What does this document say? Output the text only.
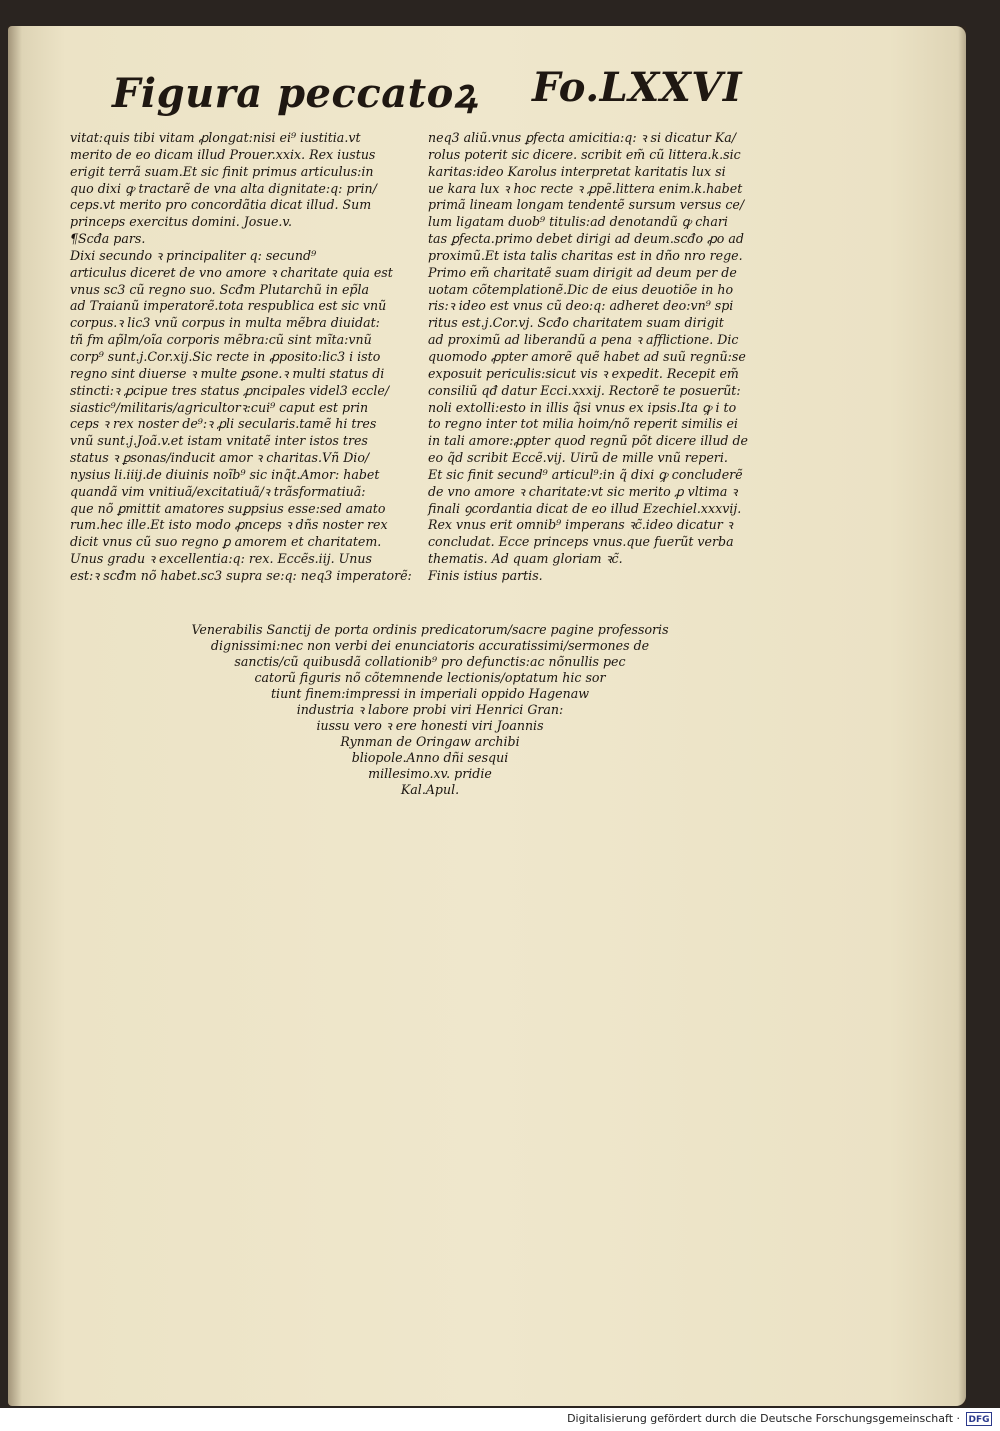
Figura peccatoꝝ Fo.LXXVI
vitat:quis tibi vitam ꝓlongat:nisi ei⁹ iustitia.vt
merito de eo dicam illud Prouer.xxix. Rex iustus
erigit terrã suam.Et sic finit primus articulus:in
quo dixi ꝙ tractarẽ de vna alta dignitate:q: prin/
ceps.vt merito pro concordãtia dicat illud. Sum
princeps exercitus domini. Josue.v.
¶Scđa pars.
Dixi secundo ꝛ principaliter q: secund⁹
articulus diceret de vno amore ꝛ charitate quia est
vnus sc3 cũ regno suo. Scđm Plutarchũ in ep̃la
ad Traianũ imperatorẽ.tota respublica est sic vnũ
corpus.ꝛ lic3 vnũ corpus in multa mẽbra diuidat:
tñ fm ap̃lm/oĩa corporis mẽbra:cũ sint mĩta:vnũ
corp⁹ sunt.j.Cor.xij.Sic recte in ꝓposito:lic3 i isto
regno sint diuerse ꝛ multe ꝑsone.ꝛ multi status di
stincti:ꝛ ꝓcipue tres status ꝓncipales videl3 eccle/
siastic⁹/militaris/agricultorꝛ:cui⁹ caput est prin
ceps ꝛ rex noster de⁹:ꝛ ꝓli secularis.tamẽ hi tres
vnũ sunt.j.Joã.v.et istam vnitatẽ inter istos tres
status ꝛ ꝑsonas/inducit amor ꝛ charitas.Vñ Dio/
nysius li.iiij.de diuinis noĩb⁹ sic inq̃t.Amor: habet
quandã vim vnitiuã/excitatiuã/ꝛ trãsformatiuã:
que nõ ꝑmittit amatores suꝑpsius esse:sed amato
rum.hec ille.Et isto modo ꝓnceps ꝛ dñs noster rex
dicit vnus cũ suo regno ꝑ amorem et charitatem.
Unus gradu ꝛ excellentia:q: rex. Eccẽs.iij. Unus
est:ꝛ scđm nõ habet.sc3 supra se:q: neq3 imperatorẽ:
neq3 aliũ.vnus ꝑfecta amicitia:q: ꝛ si dicatur Ka/
rolus poterit sic dicere. scribit em̃ cũ littera.k.sic
karitas:ideo Karolus interpretat karitatis lux si
ue kara lux ꝛ hoc recte ꝛ ꝓpẽ.littera enim.k.habet
primã lineam longam tendentẽ sursum versus ce/
lum ligatam duob⁹ titulis:ad denotandũ ꝙ chari
tas ꝑfecta.primo debet dirigi ad deum.scđo ꝓo ad
proximũ.Et ista talis charitas est in dño nro rege.
Primo em̃ charitatẽ suam dirigit ad deum per de
uotam cõtemplationẽ.Dic de eius deuotiõe in ho
ris:ꝛ ideo est vnus cũ deo:q: adheret deo:vn⁹ spi
ritus est.j.Cor.vj. Scđo charitatem suam dirigit
ad proximũ ad liberandũ a pena ꝛ afflictione. Dic
quomodo ꝓpter amorẽ quẽ habet ad suũ regnũ:se
exposuit periculis:sicut vis ꝛ expedit. Recepit em̃
consiliũ qđ datur Ecci.xxxij. Rectorẽ te posuerũt:
noli extolli:esto in illis q̃si vnus ex ipsis.Ita ꝙ i to
to regno inter tot milia hoim/nõ reperit similis ei
in tali amore:ꝓpter quod regnũ põt dicere illud de
eo q̃d scribit Eccẽ.vij. Uirũ de mille vnũ reperi.
Et sic finit secund⁹ articul⁹:in q̃ dixi ꝙ concluderẽ
de vno amore ꝛ charitate:vt sic merito ꝓ vltima ꝛ
finali ꝯcordantia dicat de eo illud Ezechiel.xxxvij.
Rex vnus erit omnib⁹ imperans ꝛc̃.ideo dicatur ꝛ
concludat. Ecce princeps vnus.que fuerũt verba
thematis. Ad quam gloriam ꝛc̃.
Finis istius partis.
Venerabilis Sanctij de porta ordinis predicatorum/sacre pagine professoris
dignissimi:nec non verbi dei enunciatoris accuratissimi/sermones de
sanctis/cũ quibusdã collationib⁹ pro defunctis:ac nõnullis pec
catorũ figuris nõ cõtemnende lectionis/optatum hic sor
tiunt finem:impressi in imperiali oppido Hagenaw
industria ꝛ labore probi viri Henrici Gran:
iussu vero ꝛ ere honesti viri Joannis
Rynman de Oringaw archibi
bliopole.Anno dñi sesqui
millesimo.xv. pridie
Kal.Apul.
Digitalisierung gefördert durch die Deutsche Forschungsgemeinschaft · DFG
